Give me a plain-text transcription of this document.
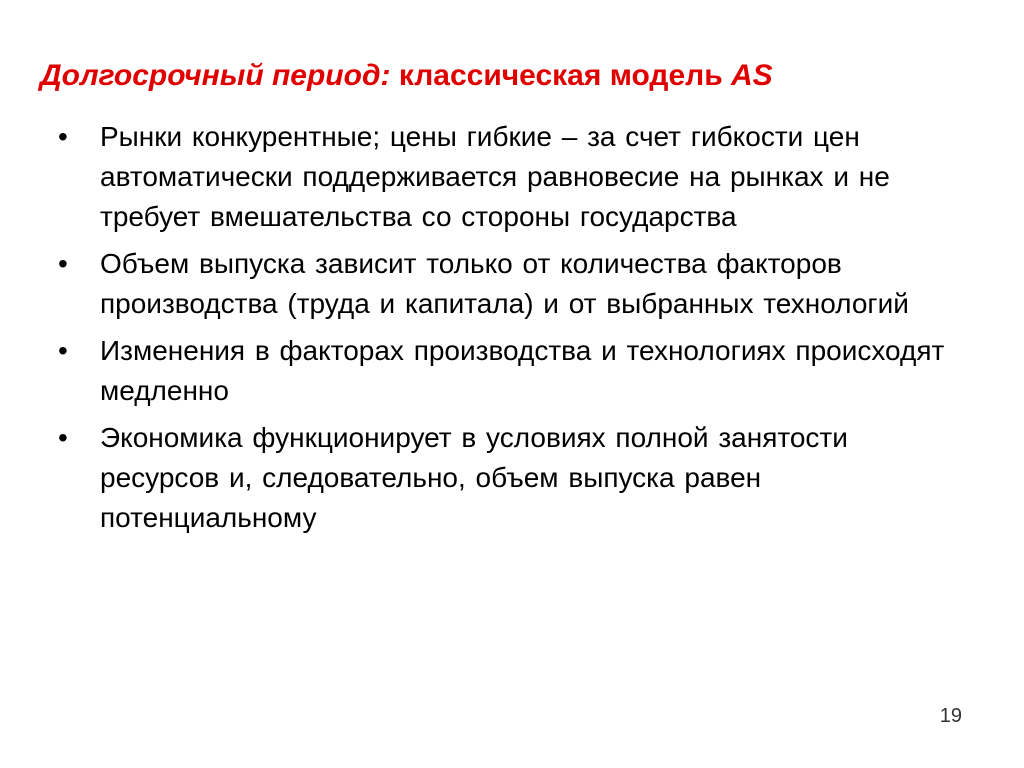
Долгосрочный период: классическая модель AS
•	Рынки конкурентные; цены гибкие – за счет гибкости цен автоматически поддерживается равновесие на рынках и не требует вмешательства со стороны государства
•	Объем выпуска зависит только от количества факторов производства (труда и капитала) и от выбранных технологий
•	Изменения в факторах производства и технологиях происходят медленно
•	Экономика функционирует в условиях полной занятости ресурсов и, следовательно, объем выпуска равен потенциальному
19
